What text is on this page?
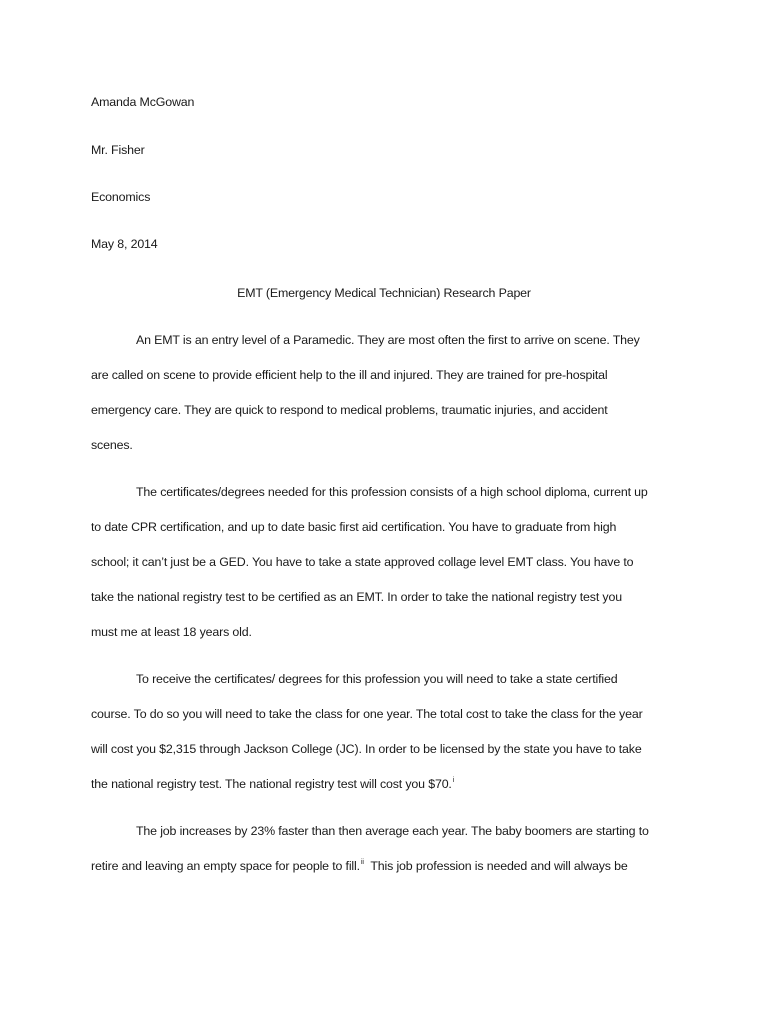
Amanda McGowan
Mr. Fisher
Economics
May 8, 2014
EMT (Emergency Medical Technician) Research Paper
An EMT is an entry level of a Paramedic. They are most often the first to arrive on scene. They
are called on scene to provide efficient help to the ill and injured. They are trained for pre-hospital
emergency care. They are quick to respond to medical problems, traumatic injuries, and accident
scenes.
The certificates/degrees needed for this profession consists of a high school diploma, current up
to date CPR certification, and up to date basic first aid certification. You have to graduate from high
school; it can’t just be a GED. You have to take a state approved collage level EMT class. You have to
take the national registry test to be certified as an EMT. In order to take the national registry test you
must me at least 18 years old.
To receive the certificates/ degrees for this profession you will need to take a state certified
course. To do so you will need to take the class for one year. The total cost to take the class for the year
will cost you $2,315 through Jackson College (JC). In order to be licensed by the state you have to take
the national registry test. The national registry test will cost you $70.$^i$
The job increases by 23% faster than then average each year. The baby boomers are starting to
retire and leaving an empty space for people to fill.$^{ii}$ This job profession is needed and will always be
